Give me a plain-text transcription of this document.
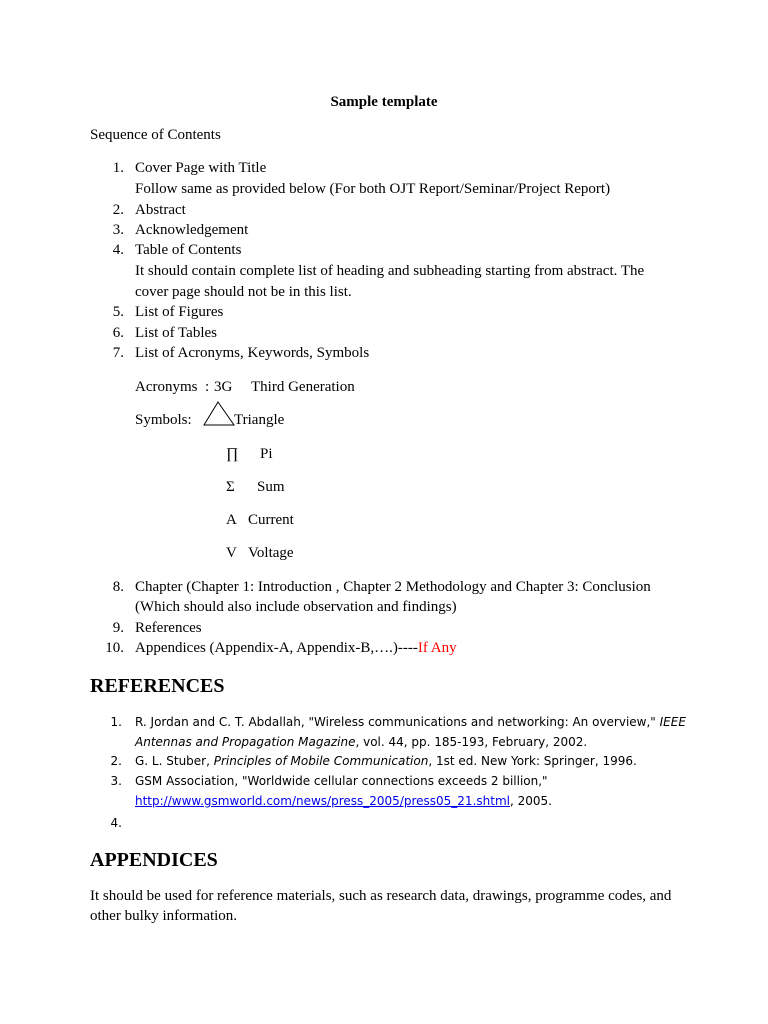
Sample template
Sequence of Contents
1. Cover Page with Title
Follow same as provided below (For both OJT Report/Seminar/Project Report)
2. Abstract
3. Acknowledgement
4. Table of Contents
It should contain complete list of heading and subheading starting from abstract. The
cover page should not be in this list.
5. List of Figures
6. List of Tables
7. List of Acronyms, Keywords, Symbols
Acronyms : 3G Third Generation
Symbols:	Triangle
∏ Pi
Σ Sum
A Current
V Voltage
8. Chapter (Chapter 1: Introduction , Chapter 2 Methodology and Chapter 3: Conclusion
(Which should also include observation and findings)
9. References
10. Appendices (Appendix-A, Appendix-B,….)----If Any
REFERENCES
1. R. Jordan and C. T. Abdallah, "Wireless communications and networking: An overview," IEEE
Antennas and Propagation Magazine, vol. 44, pp. 185-193, February, 2002.
2. G. L. Stuber, Principles of Mobile Communication, 1st ed. New York: Springer, 1996.
3. GSM Association, "Worldwide cellular connections exceeds 2 billion,"
http://www.gsmworld.com/news/press_2005/press05_21.shtml, 2005.
4.
APPENDICES
It should be used for reference materials, such as research data, drawings, programme codes, and
other bulky information.
